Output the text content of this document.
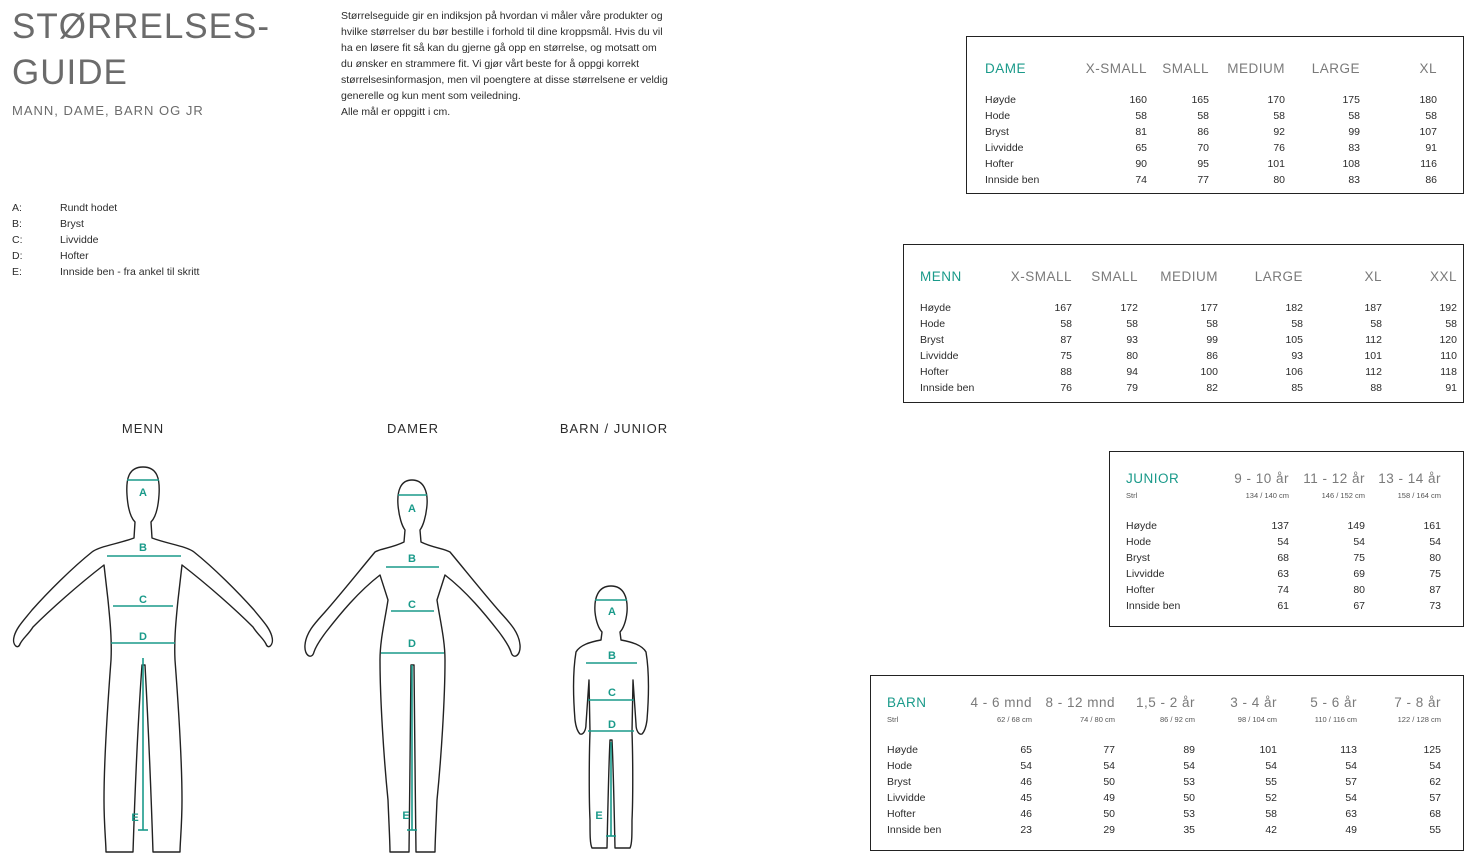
STØRRELSES-
GUIDE
MANN, DAME, BARN OG JR

Størrelseguide gir en indiksjon på hvordan vi måler våre produkter og hvilke størrelser du bør bestille i forhold til dine kroppsmål. Hvis du vil ha en løsere fit så kan du gjerne gå opp en størrelse, og motsatt om du ønsker en strammere fit. Vi gjør vårt beste for å oppgi korrekt størrelsesinformasjon, men vil poengtere at disse størrelsene er veldig generelle og kun ment som veiledning.

Alle mål er oppgitt i cm.

A:	Rundt hodet
B:	Bryst
C:	Livvidde
D:	Hofter
E:	Innside ben - fra ankel til skritt
MENN	DAMER	BARN / JUNIOR
A
B
C
D
E
A
B
C
D
E
A
B
C
D
E
DAME	X-SMALL	SMALL	MEDIUM	LARGE	XL

Høyde	160	165	170	175	180
Hode	58	58	58	58	58
Bryst	81	86	92	99	107
Livvidde	65	70	76	83	91
Hofter	90	95	101	108	116
Innside ben	74	77	80	83	86
MENN	X-SMALL	SMALL	MEDIUM	LARGE	XL	XXL

Høyde	167	172	177	182	187	192
Hode	58	58	58	58	58	58
Bryst	87	93	99	105	112	120
Livvidde	75	80	86	93	101	110
Hofter	88	94	100	106	112	118
Innside ben	76	79	82	85	88	91
JUNIOR	9 - 10 år	11 - 12 år	13 - 14 år
Strl	134 / 140 cm	146 / 152 cm	158 / 164 cm

Høyde	137	149	161
Hode	54	54	54
Bryst	68	75	80
Livvidde	63	69	75
Hofter	74	80	87
Innside ben	61	67	73
BARN	4 - 6 mnd	8 - 12 mnd	1,5 - 2 år	3 - 4 år	5 - 6 år	7 - 8 år
Strl	62 / 68 cm	74 / 80 cm	86 / 92 cm	98 / 104 cm	110 / 116 cm	122 / 128 cm

Høyde	65	77	89	101	113	125
Hode	54	54	54	54	54	54
Bryst	46	50	53	55	57	62
Livvidde	45	49	50	52	54	57
Hofter	46	50	53	58	63	68
Innside ben	23	29	35	42	49	55
